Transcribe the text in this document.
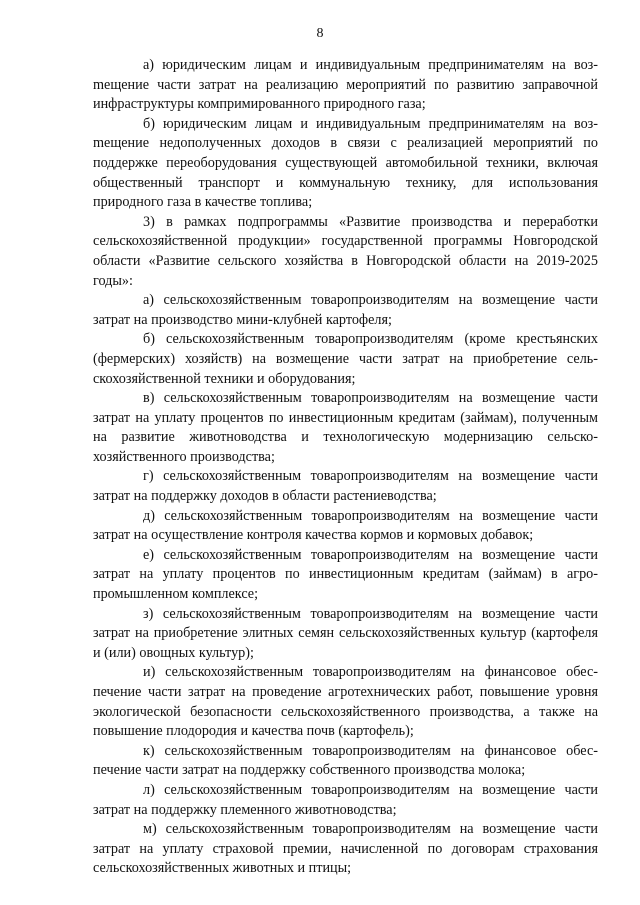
8

а) юридическим лицам и индивидуальным предпринимателям на возmещение части затрат на реализацию мероприятий по развитию заправочной инфраструктуры компримированного природного газа;

б) юридическим лицам и индивидуальным предпринимателям на возmещение недополученных доходов в связи с реализацией мероприятий по поддержке переоборудования существующей автомобильной техники, включая общественный транспорт и коммунальную технику, для использования природного газа в качестве топлива;

3) в рамках подпрограммы «Развитие производства и переработки сельскохозяйственной продукции» государственной программы Новгородской области «Развитие сельского хозяйства в Новгородской области на 2019-2025 годы»:

а) сельскохозяйственным товаропроизводителям на возмещение части затрат на производство мини-клубней картофеля;

б) сельскохозяйственным товаропроизводителям (кроме крестьянских (фермерских) хозяйств) на возмещение части затрат на приобретение сельскохозяйственной техники и оборудования;

в) сельскохозяйственным товаропроизводителям на возмещение части затрат на уплату процентов по инвестиционным кредитам (займам), полученным на развитие животноводства и технологическую модернизацию сельскохозяйственного производства;

г) сельскохозяйственным товаропроизводителям на возмещение части затрат на поддержку доходов в области растениеводства;

д) сельскохозяйственным товаропроизводителям на возмещение части затрат на осуществление контроля качества кормов и кормовых добавок;

е) сельскохозяйственным товаропроизводителям на возмещение части затрат на уплату процентов по инвестиционным кредитам (займам) в агропромышленном комплексе;

з) сельскохозяйственным товаропроизводителям на возмещение части затрат на приобретение элитных семян сельскохозяйственных культур (картофеля и (или) овощных культур);

и) сельскохозяйственным товаропроизводителям на финансовое обеспечение части затрат на проведение агротехнических работ, повышение уровня экологической безопасности сельскохозяйственного производства, а также на повышение плодородия и качества почв (картофель);

к) сельскохозяйственным товаропроизводителям на финансовое обеспечение части затрат на поддержку собственного производства молока;

л) сельскохозяйственным товаропроизводителям на возмещение части затрат на поддержку племенного животноводства;

м) сельскохозяйственным товаропроизводителям на возмещение части затрат на уплату страховой премии, начисленной по договорам страхования сельскохозяйственных животных и птицы;
